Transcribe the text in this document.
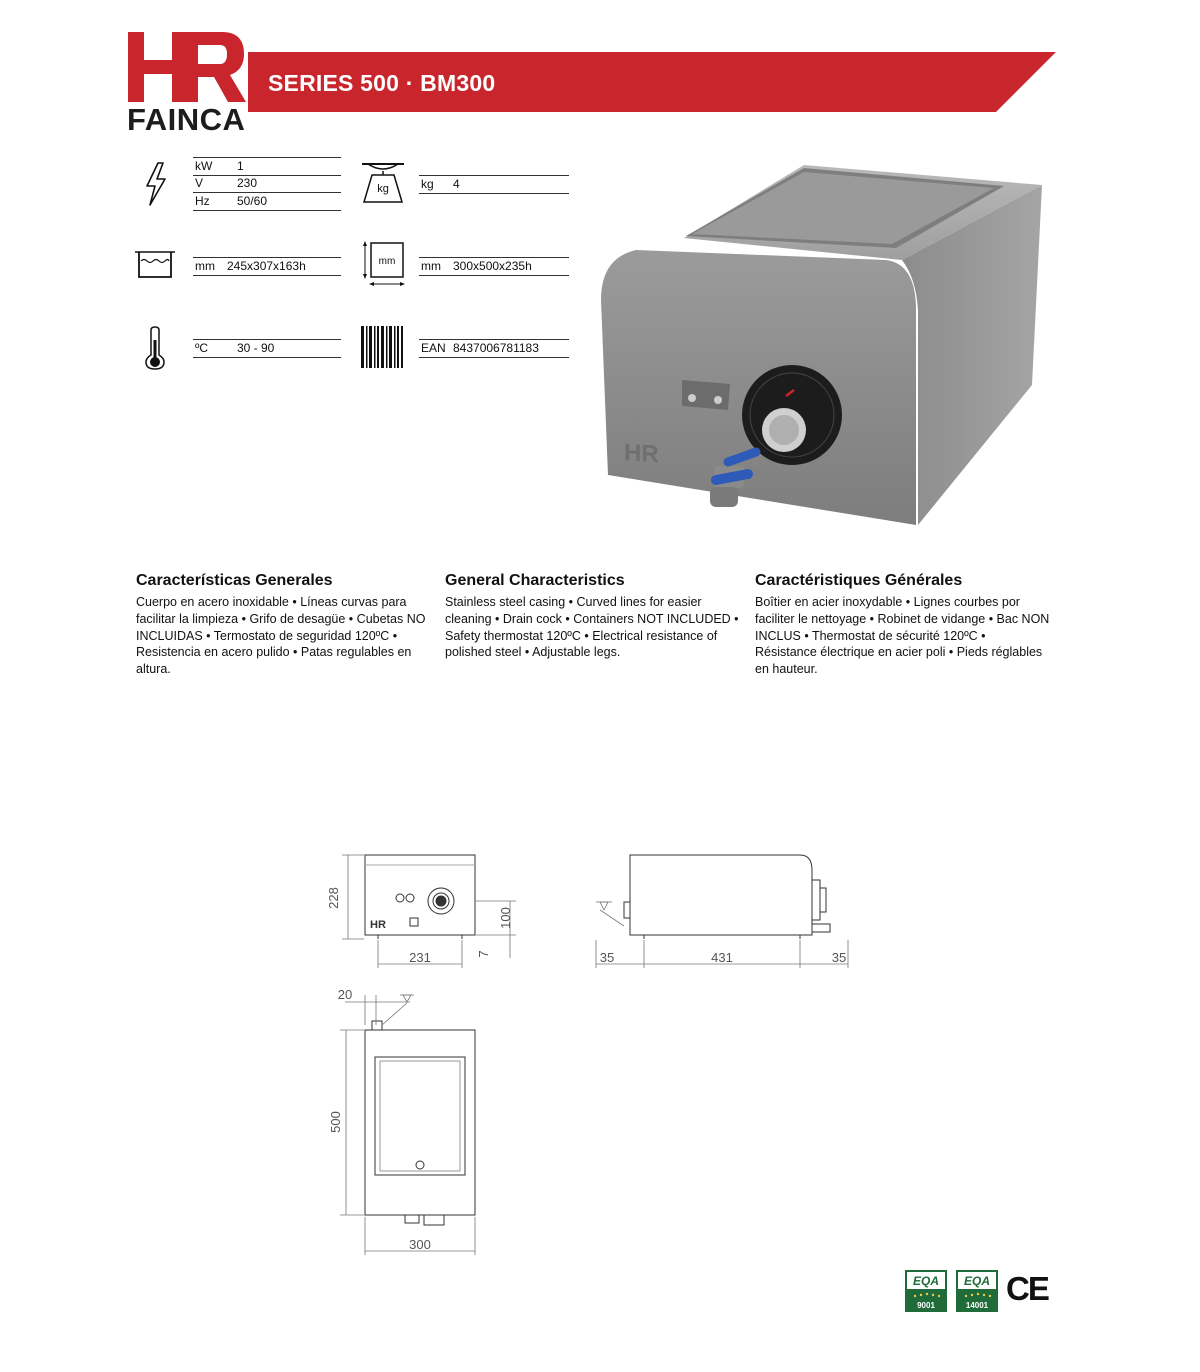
SERIES 500 · BM300
FAINCA
kW 1
V	230
Hz 50/60
kg	kg 4
mm 245x307x163h	mm mm 300x500x235h
ºC 30 - 90	EAN 8437006781183
HR
Características Generales

Cuerpo en acero inoxidable • Líneas curvas para facilitar la limpieza • Grifo de desagüe • Cubetas NO INCLUIDAS • Termostato de seguridad 120ºC • Resistencia en acero pulido • Patas regulables en altura.

General Characteristics

Stainless steel casing • Curved lines for easier cleaning • Drain cock • Containers NOT INCLUDED • Safety thermostat 120ºC • Electrical resistance of polished steel • Adjustable legs.

Caractéristiques Générales

Boîtier en acier inoxydable • Lignes courbes por faciliter le nettoyage • Robinet de vidange • Bac NON INCLUS • Thermostat de sécurité 120ºC • Résistance électrique en acier poli • Pieds réglables en hauteur.

228
231	7
100
HR
35	431	35
20
500
300
EQA
9001
EQA
14001 CE
